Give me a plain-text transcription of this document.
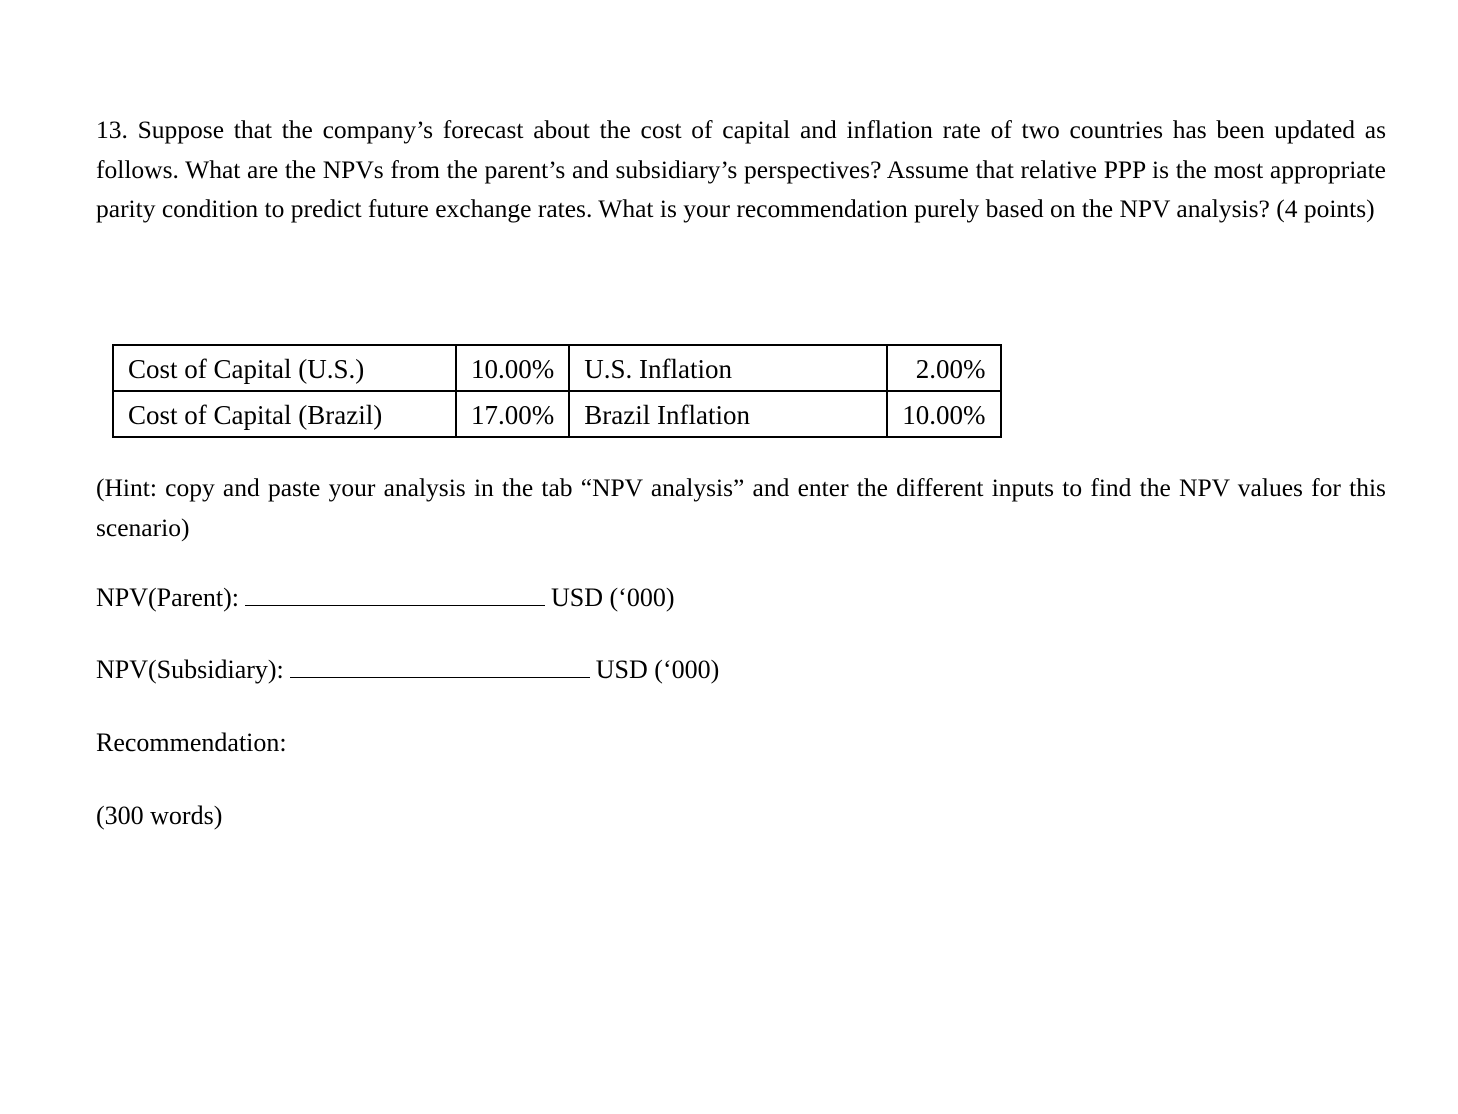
13. Suppose that the company’s forecast about the cost of capital and inflation rate of two countries has been updated as follows. What are the NPVs from the parent’s and subsidiary’s perspectives? Assume that relative PPP is the most appropriate parity condition to predict future exchange rates. What is your recommendation purely based on the NPV analysis? (4 points)

Cost of Capital (U.S.)	10.00%	U.S. Inflation	2.00%
Cost of Capital (Brazil)	17.00%	Brazil Inflation	10.00%

(Hint: copy and paste your analysis in the tab “NPV analysis” and enter the different inputs to find the NPV values for this scenario)

NPV(Parent):	USD (‘000)
NPV(Subsidiary):	USD (‘000)
Recommendation:
(300 words)
